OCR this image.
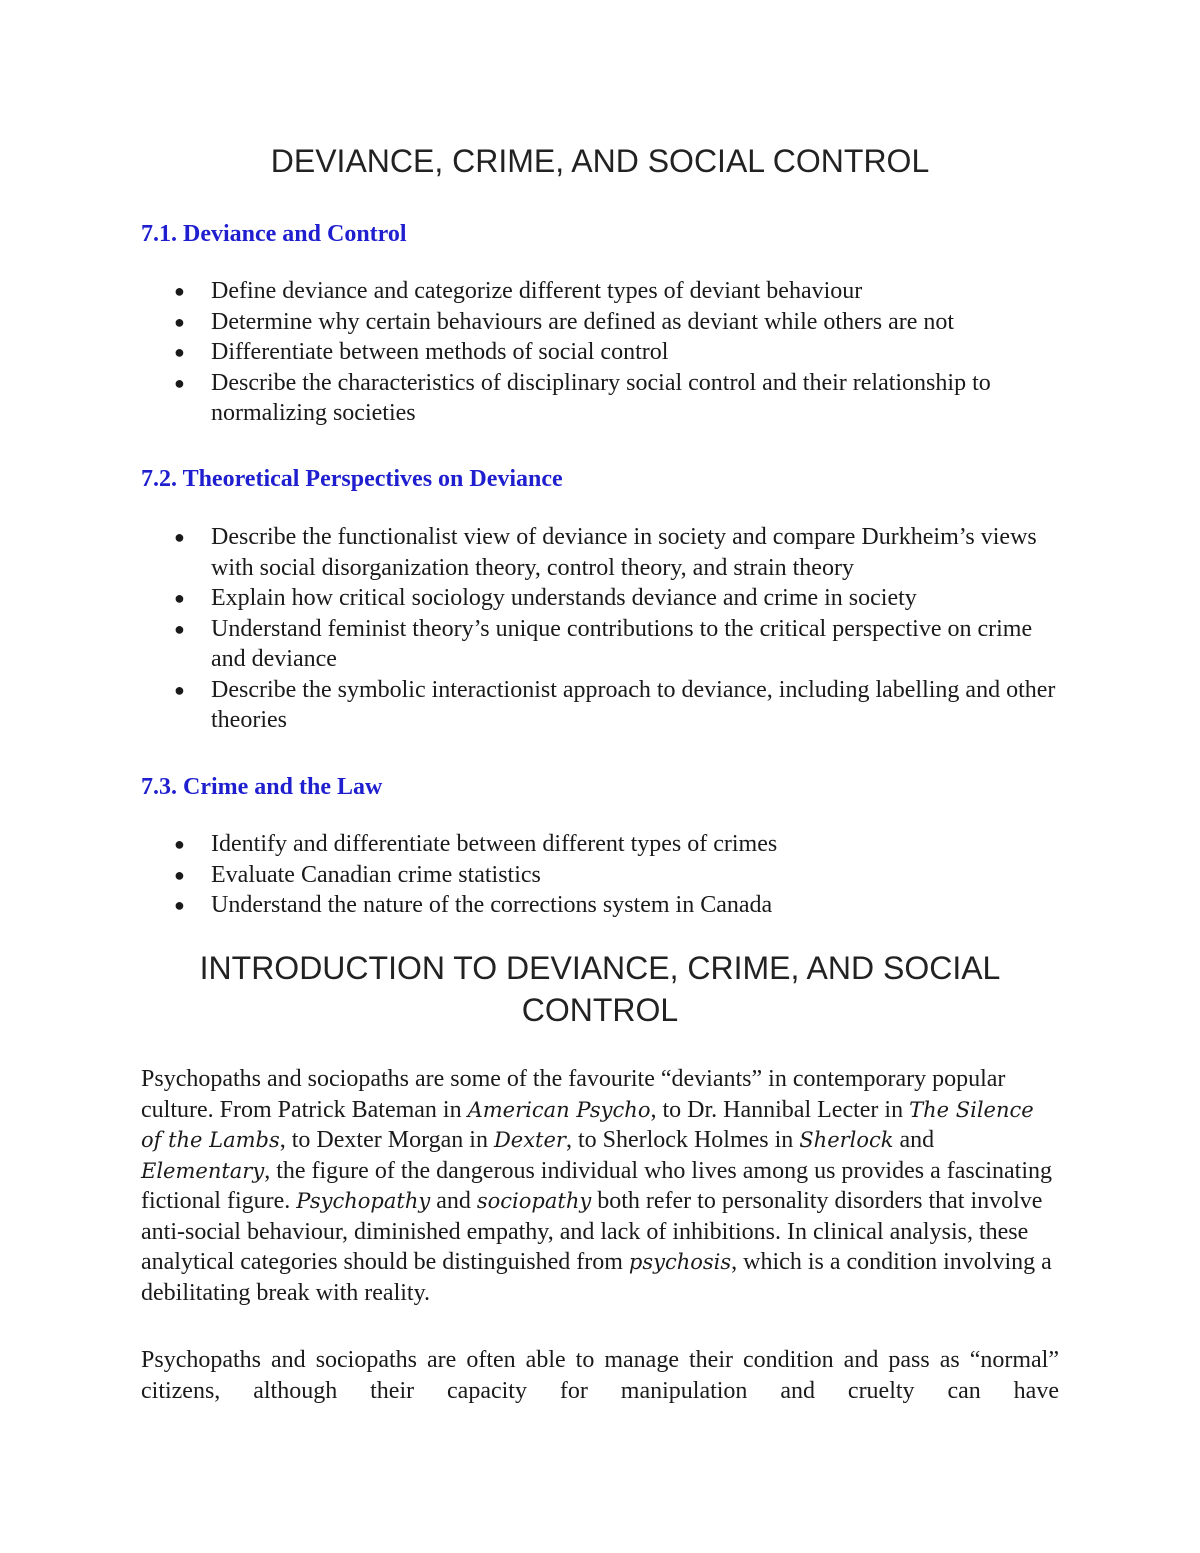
DEVIANCE, CRIME, AND SOCIAL CONTROL
7.1. Deviance and Control
● Define deviance and categorize different types of deviant behaviour
● Determine why certain behaviours are defined as deviant while others are not
● Differentiate between methods of social control
● Describe the characteristics of disciplinary social control and their relationship to normalizing societies
7.2. Theoretical Perspectives on Deviance
● Describe the functionalist view of deviance in society and compare Durkheim’s views with social disorganization theory, control theory, and strain theory
● Explain how critical sociology understands deviance and crime in society
● Understand feminist theory’s unique contributions to the critical perspective on crime and deviance
● Describe the symbolic interactionist approach to deviance, including labelling and other theories
7.3. Crime and the Law
● Identify and differentiate between different types of crimes
● Evaluate Canadian crime statistics
● Understand the nature of the corrections system in Canada
INTRODUCTION TO DEVIANCE, CRIME, AND SOCIAL CONTROL

Psychopaths and sociopaths are some of the favourite “deviants” in contemporary popular culture. From Patrick Bateman in American Psycho, to Dr. Hannibal Lecter in The Silence of the Lambs, to Dexter Morgan in Dexter, to Sherlock Holmes in Sherlock and Elementary, the figure of the dangerous individual who lives among us provides a fascinating fictional figure. Psychopathy and sociopathy both refer to personality disorders that involve anti-social behaviour, diminished empathy, and lack of inhibitions. In clinical analysis, these analytical categories should be distinguished from psychosis, which is a condition involving a debilitating break with reality.

Psychopaths and sociopaths are often able to manage their condition and pass as “normal” citizens, although their capacity for manipulation and cruelty can have
